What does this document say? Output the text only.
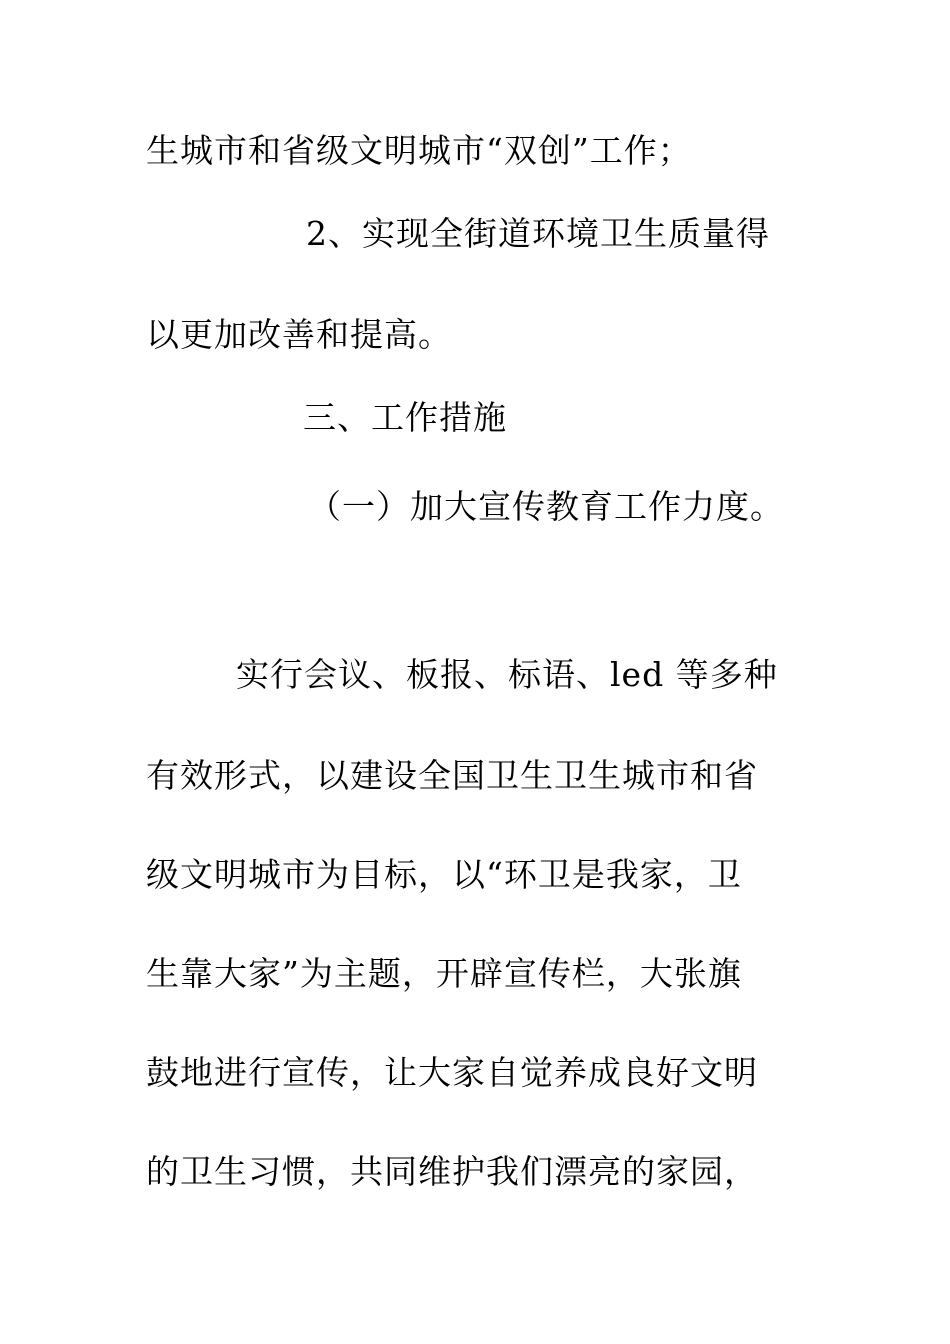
生城市和省级文明城市“双创”工作；
2、实现全街道环境卫生质量得
以更加改善和提高。
三、工作措施
（一）加大宣传教育工作力度。
实行会议、板报、标语、led 等多种
有效形式，以建设全国卫生卫生城市和省
级文明城市为目标，以“环卫是我家，卫
生靠大家”为主题，开辟宣传栏，大张旗
鼓地进行宣传，让大家自觉养成良好文明
的卫生习惯，共同维护我们漂亮的家园，
